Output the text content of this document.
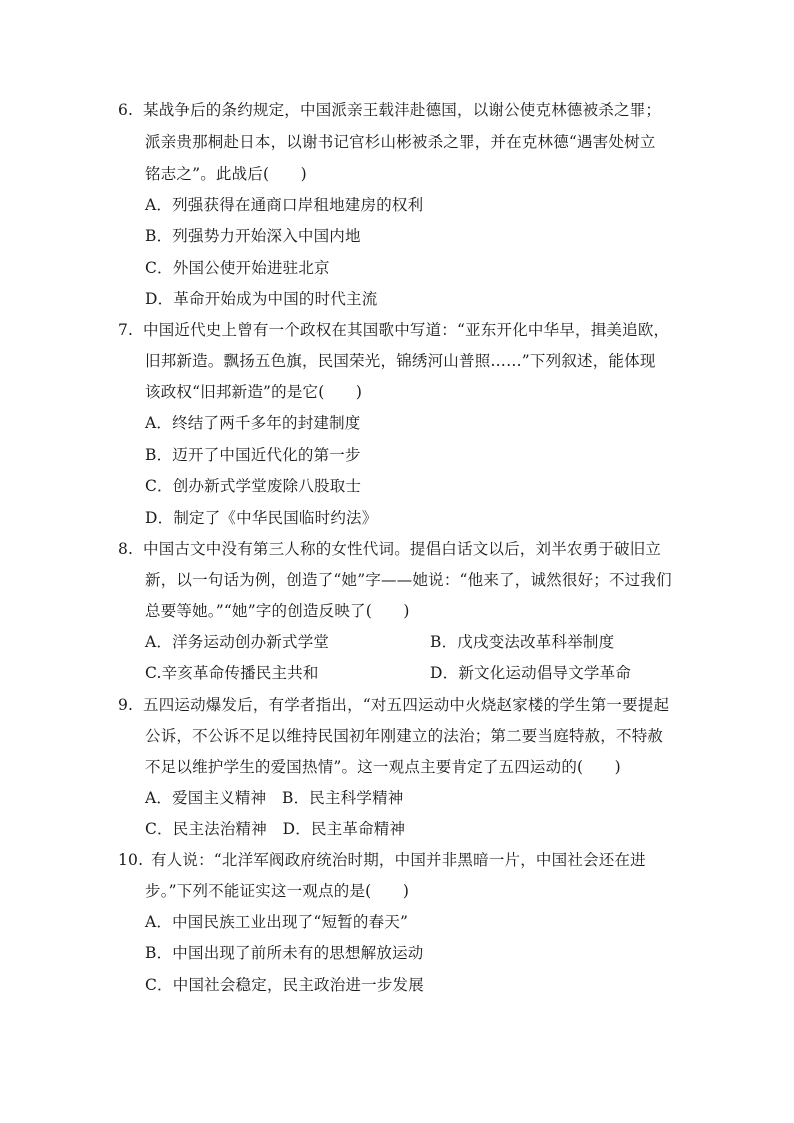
6. 某战争后的条约规定，中国派亲王载沣赴德国，以谢公使克林德被杀之罪；
派亲贵那桐赴日本，以谢书记官杉山彬被杀之罪，并在克林德“遇害处树立
铭志之”。此战后(　　)
A．列强获得在通商口岸租地建房的权利
B．列强势力开始深入中国内地
C．外国公使开始进驻北京
D．革命开始成为中国的时代主流
7. 中国近代史上曾有一个政权在其国歌中写道：“亚东开化中华早，揖美追欧，
旧邦新造。飘扬五色旗，民国荣光，锦绣河山普照……”下列叙述，能体现
该政权“旧邦新造”的是它(　　)
A．终结了两千多年的封建制度
B．迈开了中国近代化的第一步
C．创办新式学堂废除八股取士
D．制定了《中华民国临时约法》
8. 中国古文中没有第三人称的女性代词。提倡白话文以后，刘半农勇于破旧立
新，以一句话为例，创造了“她”字——她说：“他来了，诚然很好；不过我们
总要等她。”“她”字的创造反映了(　　)
A．洋务运动创办新式学堂	B．戊戌变法改革科举制度
C.辛亥革命传播民主共和	D．新文化运动倡导文学革命
9. 五四运动爆发后，有学者指出，“对五四运动中火烧赵家楼的学生第一要提起
公诉，不公诉不足以维持民国初年刚建立的法治；第二要当庭特赦，不特赦
不足以维护学生的爱国热情”。这一观点主要肯定了五四运动的(　　)
A．爱国主义精神　B．民主科学精神
C．民主法治精神　D．民主革命精神
10. 有人说：“北洋军阀政府统治时期，中国并非黑暗一片，中国社会还在进
步。”下列不能证实这一观点的是(　　)
A．中国民族工业出现了“短暂的春天”
B．中国出现了前所未有的思想解放运动
C．中国社会稳定，民主政治进一步发展
